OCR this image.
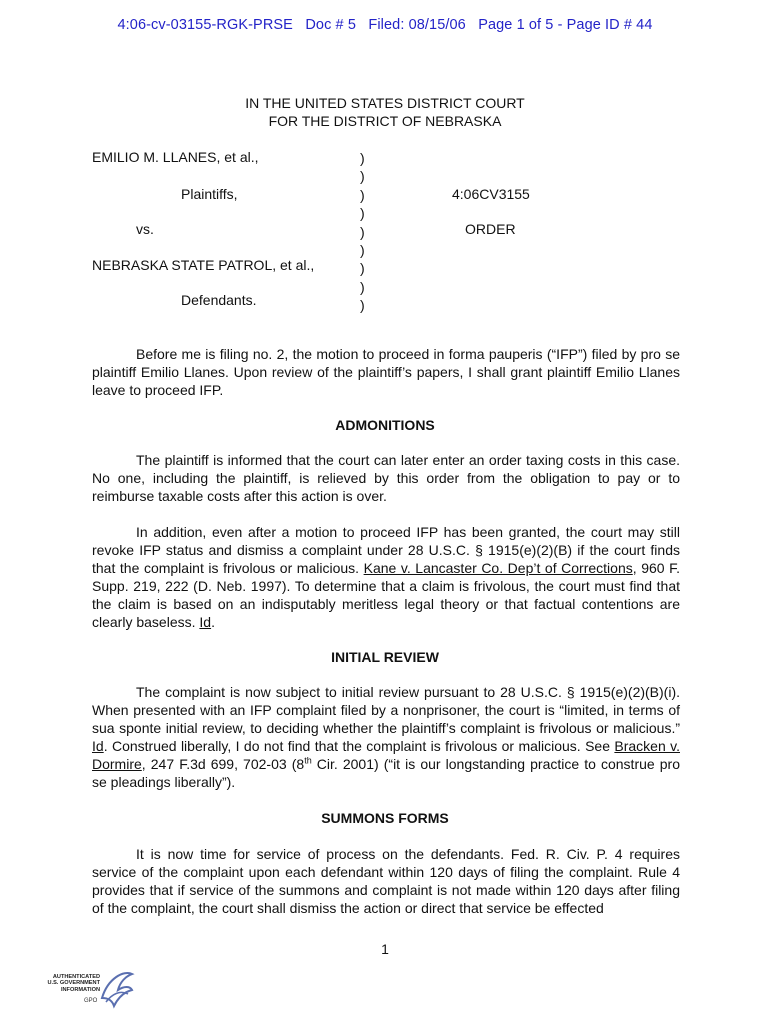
4:06-cv-03155-RGK-PRSE   Doc # 5   Filed: 08/15/06   Page 1 of 5 - Page ID # 44
IN THE UNITED STATES DISTRICT COURT
FOR THE DISTRICT OF NEBRASKA
EMILIO M. LLANES, et al.,
Plaintiffs,
vs.
NEBRASKA STATE PATROL, et al.,
Defendants.
)
)
)
)
)
)
)
)
)
4:06CV3155
ORDER
Before me is filing no. 2, the motion to proceed in forma pauperis (“IFP”) filed by pro se plaintiff Emilio Llanes. Upon review of the plaintiff’s papers, I shall grant plaintiff Emilio Llanes leave to proceed IFP.
ADMONITIONS
The plaintiff is informed that the court can later enter an order taxing costs in this case. No one, including the plaintiff, is relieved by this order from the obligation to pay or to reimburse taxable costs after this action is over.
In addition, even after a motion to proceed IFP has been granted, the court may still revoke IFP status and dismiss a complaint under 28 U.S.C. § 1915(e)(2)(B) if the court finds that the complaint is frivolous or malicious. Kane v. Lancaster Co. Dep’t of Corrections, 960 F. Supp. 219, 222 (D. Neb. 1997). To determine that a claim is frivolous, the court must find that the claim is based on an indisputably meritless legal theory or that factual contentions are clearly baseless. Id.
INITIAL REVIEW
The complaint is now subject to initial review pursuant to 28 U.S.C. § 1915(e)(2)(B)(i). When presented with an IFP complaint filed by a nonprisoner, the court is “limited, in terms of sua sponte initial review, to deciding whether the plaintiff’s complaint is frivolous or malicious.” Id. Construed liberally, I do not find that the complaint is frivolous or malicious. See Bracken v. Dormire, 247 F.3d 699, 702-03 (8th Cir. 2001) (“it is our longstanding practice to construe pro se pleadings liberally”).
SUMMONS FORMS
It is now time for service of process on the defendants. Fed. R. Civ. P. 4 requires service of the complaint upon each defendant within 120 days of filing the complaint. Rule 4 provides that if service of the summons and complaint is not made within 120 days after filing of the complaint, the court shall dismiss the action or direct that service be effected
1
AUTHENTICATED
U.S. GOVERNMENT
INFORMATION
GPO
